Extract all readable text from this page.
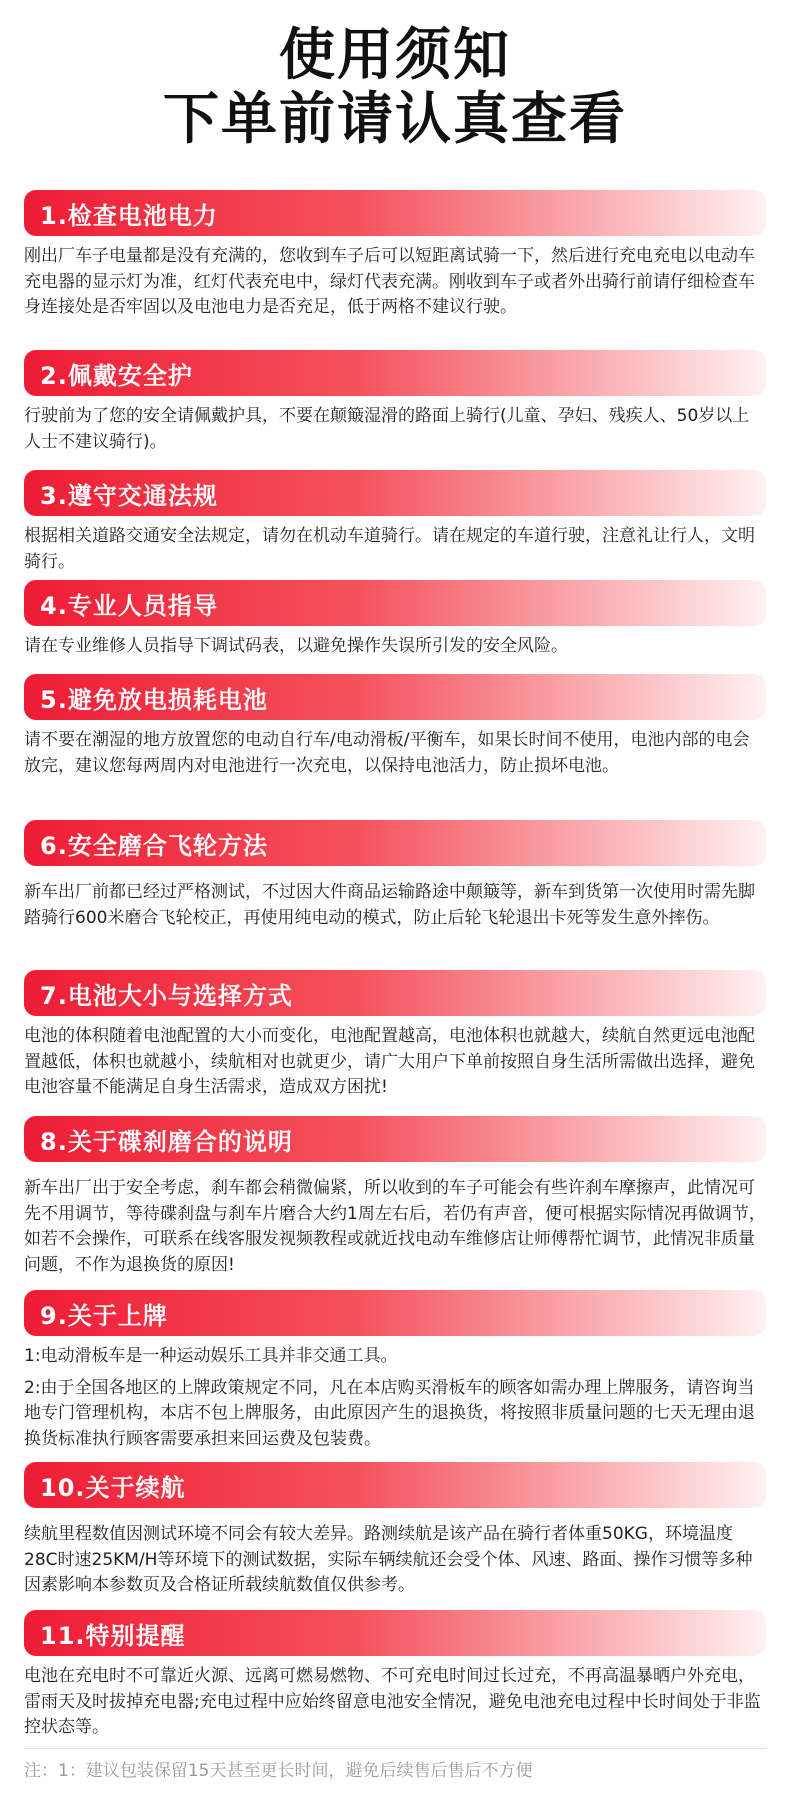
使用须知
下单前请认真查看
1.检查电池电力

刚出厂车子电量都是没有充满的，您收到车子后可以短距离试骑一下，然后进行充电充电以电动车充电器的显示灯为准，红灯代表充电中，绿灯代表充满。刚收到车子或者外出骑行前请仔细检查车身连接处是否牢固以及电池电力是否充足，低于两格不建议行驶。

2.佩戴安全护

行驶前为了您的安全请佩戴护具，不要在颠簸湿滑的路面上骑行(儿童、孕妇、残疾人、50岁以上人士不建议骑行)。

3.遵守交通法规

根据相关道路交通安全法规定，请勿在机动车道骑行。请在规定的车道行驶，注意礼让行人，文明骑行。

4.专业人员指导

请在专业维修人员指导下调试码表，以避免操作失误所引发的安全风险。

5.避免放电损耗电池

请不要在潮湿的地方放置您的电动自行车/电动滑板/平衡车，如果长时间不使用，电池内部的电会放完，建议您每两周内对电池进行一次充电，以保持电池活力，防止损坏电池。

6.安全磨合飞轮方法

新车出厂前都已经过严格测试，不过因大件商品运输路途中颠簸等，新车到货第一次使用时需先脚踏骑行600米磨合飞轮校正，再使用纯电动的模式，防止后轮飞轮退出卡死等发生意外摔伤。

7.电池大小与选择方式

电池的体积随着电池配置的大小而变化，电池配置越高，电池体积也就越大，续航自然更远电池配置越低，体积也就越小，续航相对也就更少，请广大用户下单前按照自身生活所需做出选择，避免电池容量不能满足自身生活需求，造成双方困扰!

8.关于碟刹磨合的说明

新车出厂出于安全考虑，刹车都会稍微偏紧，所以收到的车子可能会有些许刹车摩擦声，此情况可先不用调节，等待碟刹盘与刹车片磨合大约1周左右后，若仍有声音，便可根据实际情况再做调节，如若不会操作，可联系在线客服发视频教程或就近找电动车维修店让师傅帮忙调节，此情况非质量问题，不作为退换货的原因!

9.关于上牌

1:电动滑板车是一种运动娱乐工具并非交通工具。

2:由于全国各地区的上牌政策规定不同，凡在本店购买滑板车的顾客如需办理上牌服务，请咨询当地专门管理机构，本店不包上牌服务，由此原因产生的退换货，将按照非质量问题的七天无理由退换货标准执行顾客需要承担来回运费及包装费。

10.关于续航

续航里程数值因测试环境不同会有较大差异。路测续航是该产品在骑行者体重50KG，环境温度28C时速25KM/H等环境下的测试数据，实际车辆续航还会受个体、风速、路面、操作习惯等多种因素影响本参数页及合格证所载续航数值仅供参考。

11.特别提醒

电池在充电时不可靠近火源、远离可燃易燃物、不可充电时间过长过充，不再高温暴晒户外充电，雷雨天及时拔掉充电器;充电过程中应始终留意电池安全情况，避免电池充电过程中长时间处于非监控状态等。

注：1：建议包装保留15天甚至更长时间，避免后续售后售后不方便
